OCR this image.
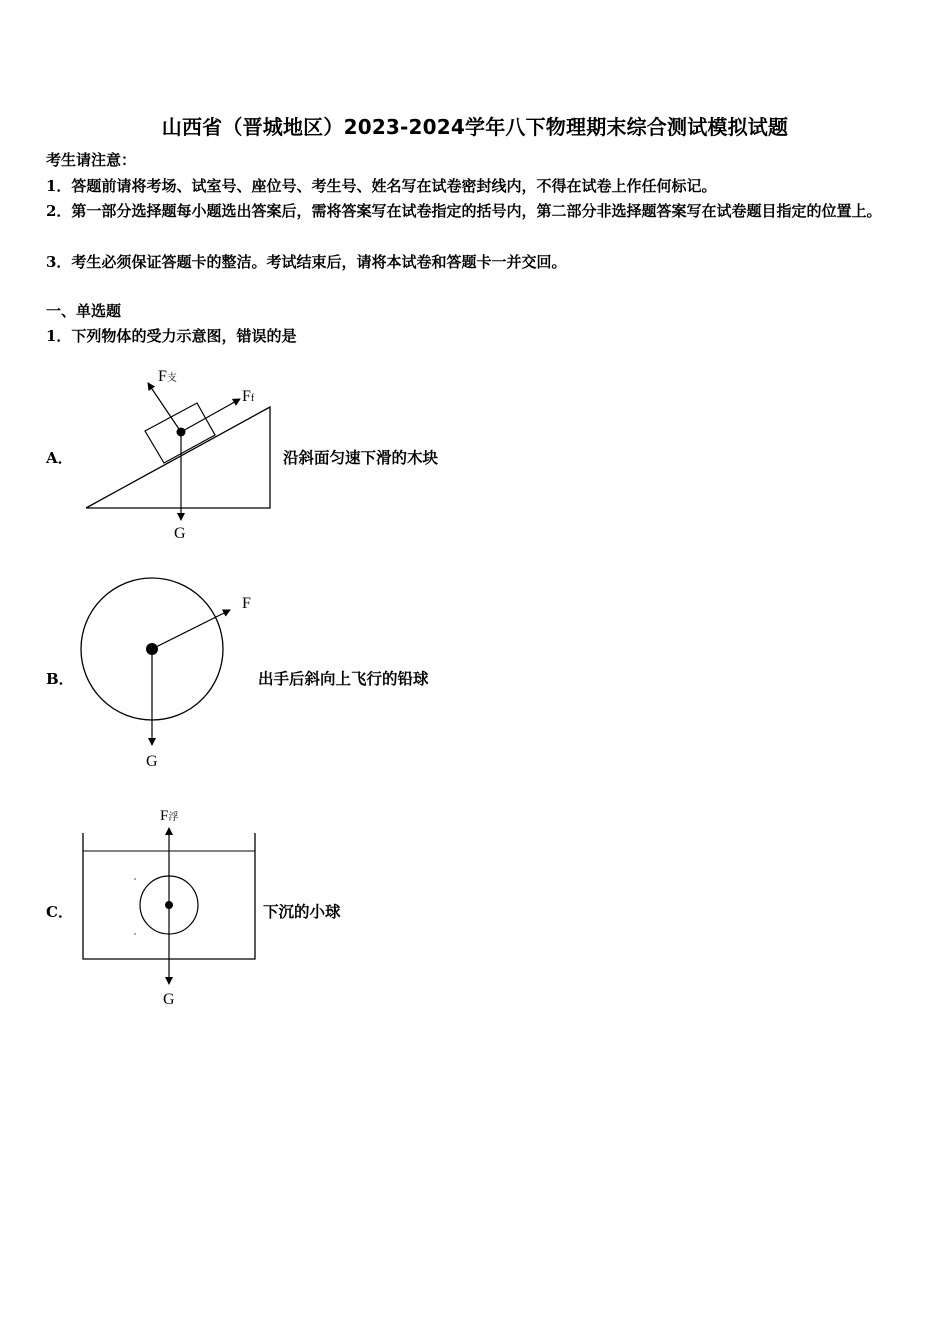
山西省（晋城地区）2023-2024学年八下物理期末综合测试模拟试题
考生请注意：
1．答题前请将考场、试室号、座位号、考生号、姓名写在试卷密封线内，不得在试卷上作任何标记。
2．第一部分选择题每小题选出答案后，需将答案写在试卷指定的括号内，第二部分非选择题答案写在试卷题目指定的位置上。
3．考生必须保证答题卡的整洁。考试结束后，请将本试卷和答题卡一并交回。
一、单选题
1．下列物体的受力示意图，错误的是
A．
F支
Ff
G
沿斜面匀速下滑的木块
B．
F
G
出手后斜向上飞行的铅球
C．
F浮
G
下沉的小球
